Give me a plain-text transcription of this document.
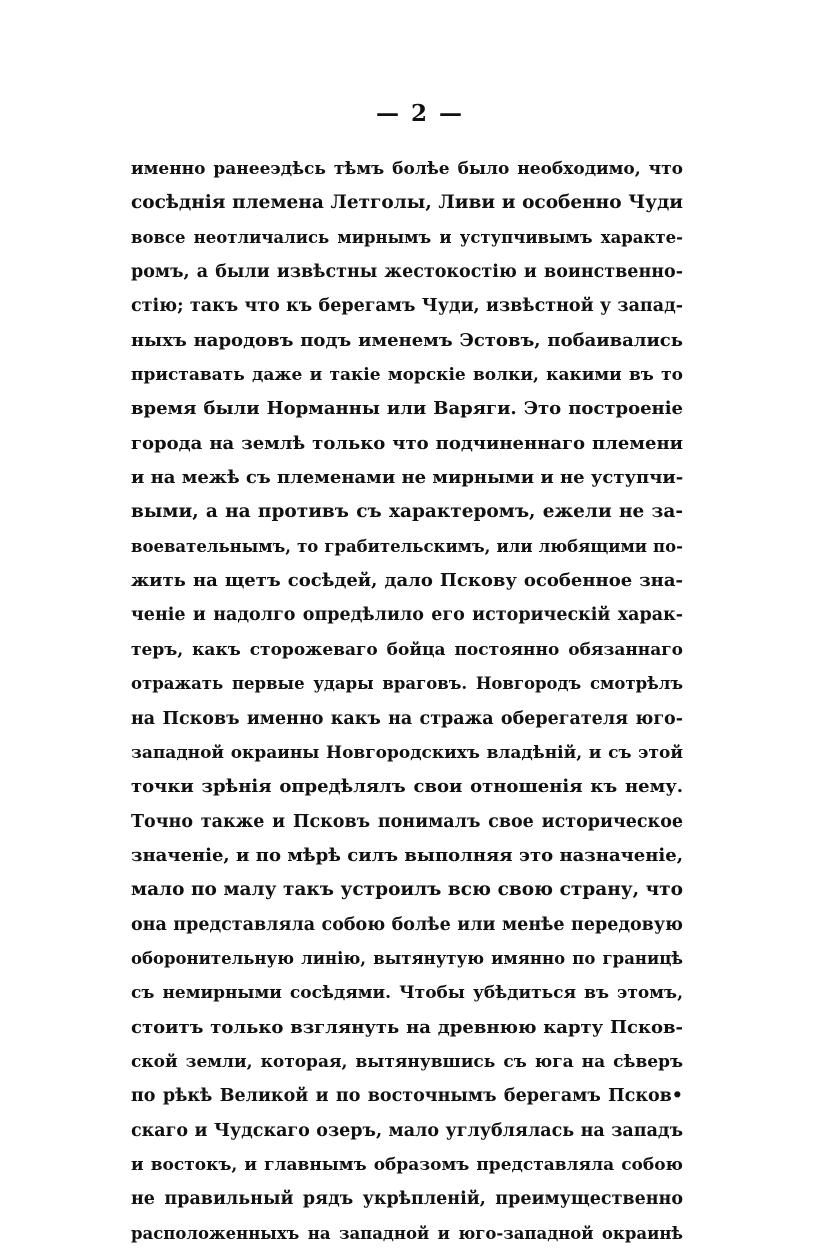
— 2 —
именно ранееэдѣсь тѣмъ болѣе было необходимо, что
сосѣднія племена Летголы, Ливи и особенно Чуди
вовсе неотличались мирнымъ и уступчивымъ характе-
ромъ, а были извѣстны жестокостію и воинственно-
стію; такъ что къ берегамъ Чуди, извѣстной у запад-
ныхъ народовъ подъ именемъ Эстовъ, побаивались
приставать даже и такіе морскіе волки, какими въ то
время были Норманны или Варяги. Это построеніе
города на землѣ только что подчиненнаго племени
и на межѣ съ племенами не мирными и не уступчи-
выми, а на противъ съ характеромъ, ежели не за-
воевательнымъ, то грабительскимъ, или любящими по-
жить на щетъ сосѣдей, дало Пскову особенное зна-
ченіе и надолго опредѣлило его историческій харак-
теръ, какъ сторожеваго бойца постоянно обязаннаго
отражать первые удары враговъ. Новгородъ смотрѣлъ
на Псковъ именно какъ на стража оберегателя юго-
западной окраины Новгородскихъ владѣній, и съ этой
точки зрѣнія опредѣлялъ свои отношенія къ нему.
Точно также и Псковъ понималъ свое историческое
значеніе, и по мѣрѣ силъ выполняя это назначеніе,
мало по малу такъ устроилъ всю свою страну, что
она представляла собою болѣе или менѣе передовую
оборонительную линію, вытянутую имянно по границѣ
съ немирными сосѣдями. Чтобы убѣдиться въ этомъ,
стоитъ только взглянуть на древнюю карту Псков-
ской земли, которая, вытянувшись съ юга на сѣверъ
по рѣкѣ Великой и по восточнымъ берегамъ Псков•
скаго и Чудскаго озеръ, мало углублялась на западъ
и востокъ, и главнымъ образомъ представляла собою
не правильный рядъ укрѣпленій, преимущественно
расположенныхъ на западной и юго-западной окраинѣ
